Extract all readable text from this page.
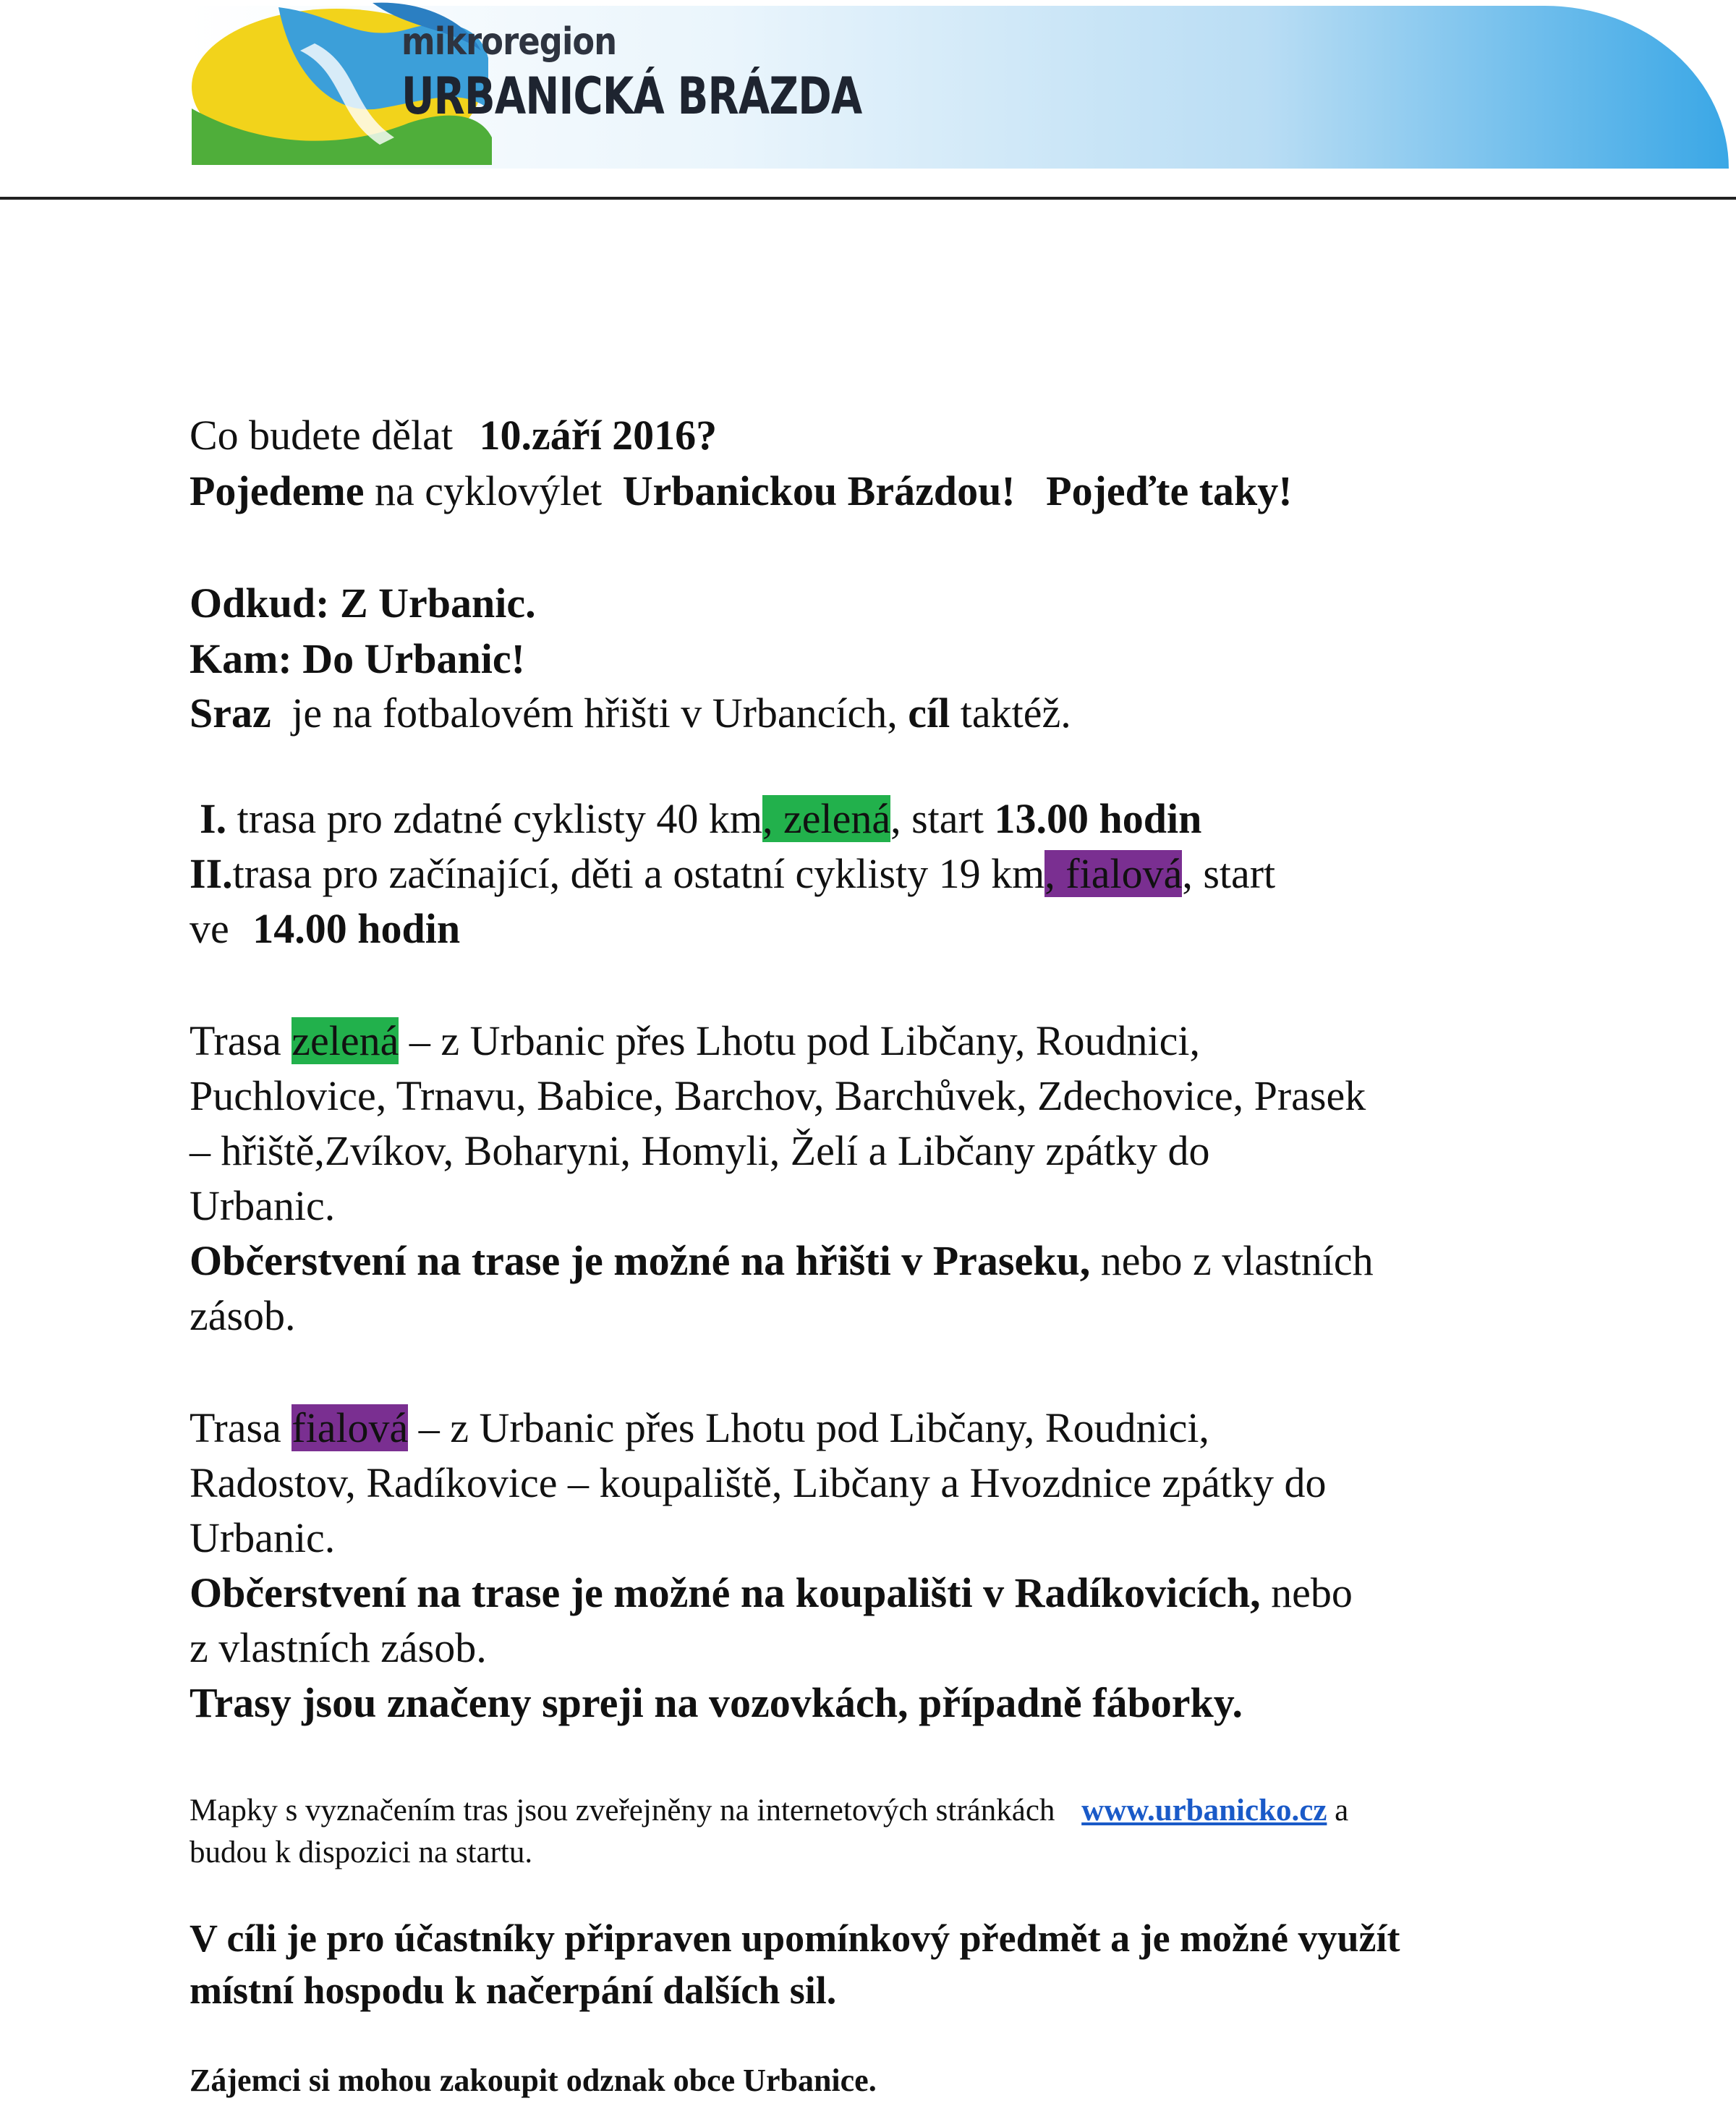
mikroregion
URBANICKÁ BRÁZDA
Co budete dělat 10.září 2016?
Pojedeme na cyklovýlet Urbanickou Brázdou! Pojeďte taky!
Odkud: Z Urbanic.
Kam: Do Urbanic!
Sraz je na fotbalovém hřišti v Urbancích, cíl taktéž.
I. trasa pro zdatné cyklisty 40 km, zelená, start 13.00 hodin
II.trasa pro začínající, děti a ostatní cyklisty 19 km, fialová, start
ve 14.00 hodin
Trasa zelená – z Urbanic přes Lhotu pod Libčany, Roudnici,
Puchlovice, Trnavu, Babice, Barchov, Barchůvek, Zdechovice, Prasek
– hřiště,Zvíkov, Boharyni, Homyli, Želí a Libčany zpátky do
Urbanic.
Občerstvení na trase je možné na hřišti v Praseku, nebo z vlastních
zásob.
Trasa fialová – z Urbanic přes Lhotu pod Libčany, Roudnici,
Radostov, Radíkovice – koupaliště, Libčany a Hvozdnice zpátky do
Urbanic.
Občerstvení na trase je možné na koupališti v Radíkovicích, nebo
z vlastních zásob.
Trasy jsou značeny spreji na vozovkách, případně fáborky.
Mapky s vyznačením tras jsou zveřejněny na internetových stránkách www.urbanicko.cz a
budou k dispozici na startu.
V cíli je pro účastníky připraven upomínkový předmět a je možné využít
místní hospodu k načerpání dalších sil.
Zájemci si mohou zakoupit odznak obce Urbanice.
